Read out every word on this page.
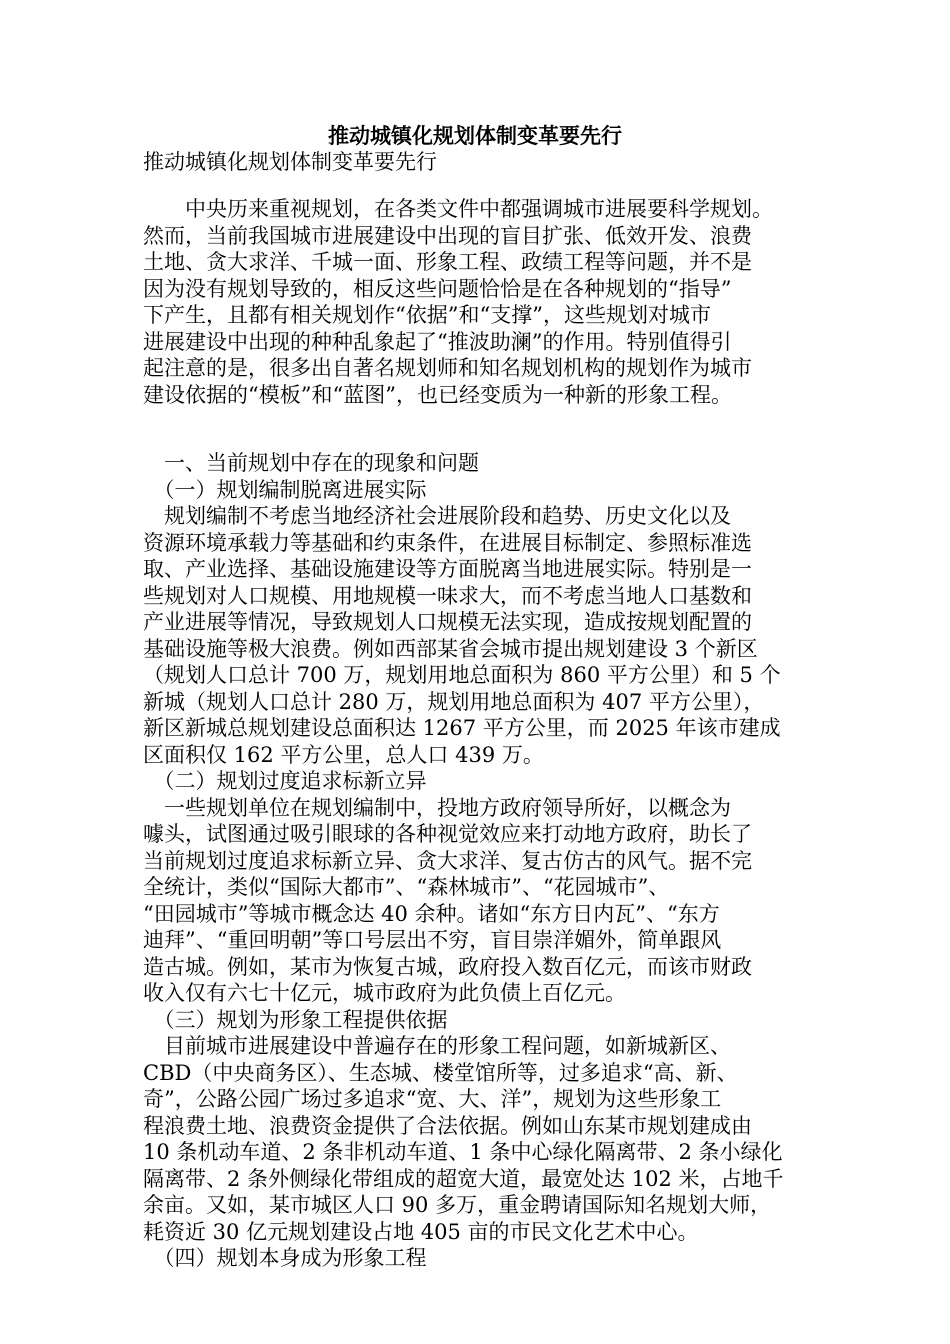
推动城镇化规划体制变革要先行

推动城镇化规划体制变革要先行

　　中央历来重视规划，在各类文件中都强调城市进展要科学规划。
然而，当前我国城市进展建设中出现的盲目扩张、低效开发、浪费
土地、贪大求洋、千城一面、形象工程、政绩工程等问题，并不是
因为没有规划导致的，相反这些问题恰恰是在各种规划的“指导”
下产生，且都有相关规划作“依据”和“支撑”，这些规划对城市
进展建设中出现的种种乱象起了“推波助澜”的作用。特别值得引
起注意的是，很多出自著名规划师和知名规划机构的规划作为城市
建设依据的“模板”和“蓝图”，也已经变质为一种新的形象工程。
　一、当前规划中存在的现象和问题
　（一）规划编制脱离进展实际
　规划编制不考虑当地经济社会进展阶段和趋势、历史文化以及
资源环境承载力等基础和约束条件，在进展目标制定、参照标准选
取、产业选择、基础设施建设等方面脱离当地进展实际。特别是一
些规划对人口规模、用地规模一味求大，而不考虑当地人口基数和
产业进展等情况，导致规划人口规模无法实现，造成按规划配置的
基础设施等极大浪费。例如西部某省会城市提出规划建设 3 个新区
（规划人口总计 700 万，规划用地总面积为 860 平方公里）和 5 个
新城（规划人口总计 280 万，规划用地总面积为 407 平方公里），
新区新城总规划建设总面积达 1267 平方公里，而 2025 年该市建成
区面积仅 162 平方公里，总人口 439 万。
　（二）规划过度追求标新立异
　一些规划单位在规划编制中，投地方政府领导所好，以概念为
噱头，试图通过吸引眼球的各种视觉效应来打动地方政府，助长了
当前规划过度追求标新立异、贪大求洋、复古仿古的风气。据不完
全统计，类似“国际大都市”、“森林城市”、“花园城市”、
“田园城市”等城市概念达 40 余种。诸如“东方日内瓦”、“东方
迪拜”、“重回明朝”等口号层出不穷，盲目崇洋媚外，简单跟风
造古城。例如，某市为恢复古城，政府投入数百亿元，而该市财政
收入仅有六七十亿元，城市政府为此负债上百亿元。
　（三）规划为形象工程提供依据
　目前城市进展建设中普遍存在的形象工程问题，如新城新区、
CBD（中央商务区）、生态城、楼堂馆所等，过多追求“高、新、
奇”，公路公园广场过多追求“宽、大、洋”，规划为这些形象工
程浪费土地、浪费资金提供了合法依据。例如山东某市规划建成由
10 条机动车道、2 条非机动车道、1 条中心绿化隔离带、2 条小绿化
隔离带、2 条外侧绿化带组成的超宽大道，最宽处达 102 米，占地千
余亩。又如，某市城区人口 90 多万，重金聘请国际知名规划大师，
耗资近 30 亿元规划建设占地 405 亩的市民文化艺术中心。
　（四）规划本身成为形象工程
